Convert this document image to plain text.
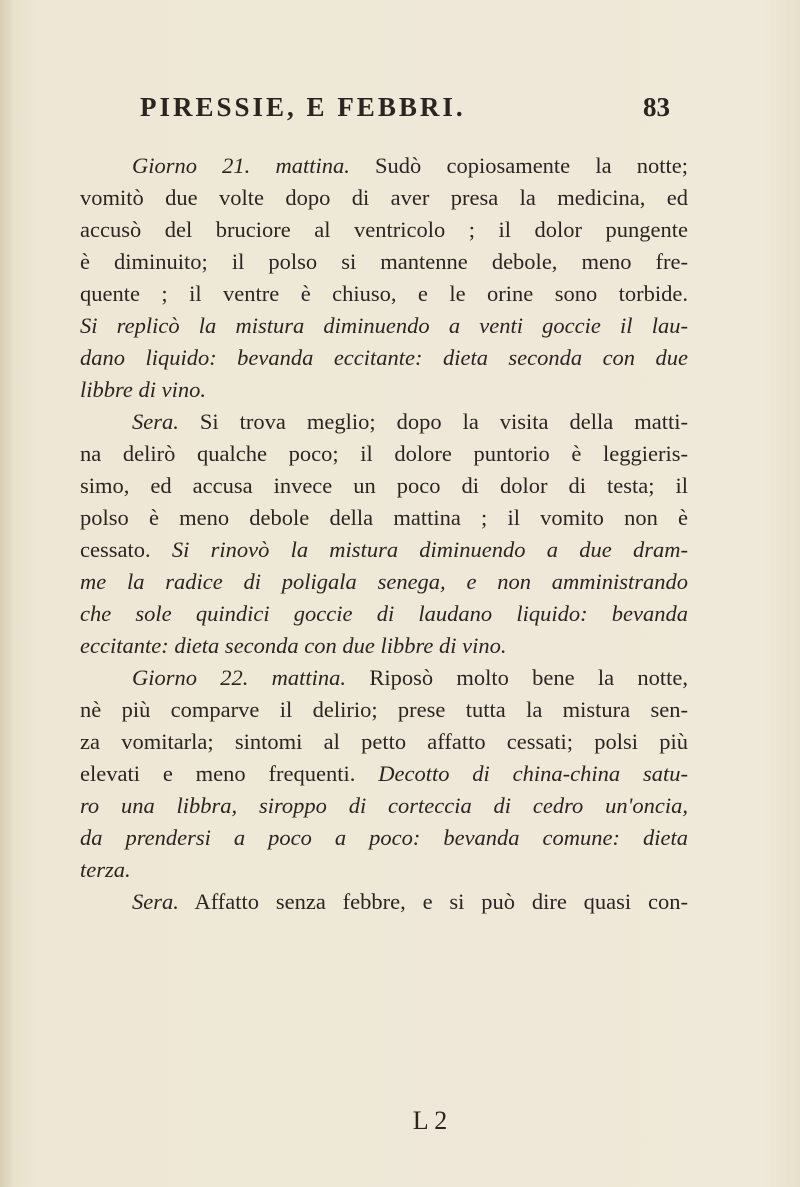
PIRESSIE, E FEBBRI.	83
Giorno 21. mattina. Sudò copiosamente la notte;
vomitò due volte dopo di aver presa la medicina, ed
accusò del bruciore al ventricolo ; il dolor pungente
è diminuito; il polso si mantenne debole, meno fre-
quente ; il ventre è chiuso, e le orine sono torbide.
Si replicò la mistura diminuendo a venti goccie il lau-
dano liquido: bevanda eccitante: dieta seconda con due
libbre di vino.
Sera. Si trova meglio; dopo la visita della matti-
na delirò qualche poco; il dolore puntorio è leggieris-
simo, ed accusa invece un poco di dolor di testa; il
polso è meno debole della mattina ; il vomito non è
cessato. Si rinovò la mistura diminuendo a due dram-
me la radice di poligala senega, e non amministrando
che sole quindici goccie di laudano liquido: bevanda
eccitante: dieta seconda con due libbre di vino.
Giorno 22. mattina. Riposò molto bene la notte,
nè più comparve il delirio; prese tutta la mistura sen-
za vomitarla; sintomi al petto affatto cessati; polsi più
elevati e meno frequenti. Decotto di china-china satu-
ro una libbra, siroppo di corteccia di cedro un'oncia,
da prendersi a poco a poco: bevanda comune: dieta
terza.
Sera. Affatto senza febbre, e si può dire quasi con-
L 2
